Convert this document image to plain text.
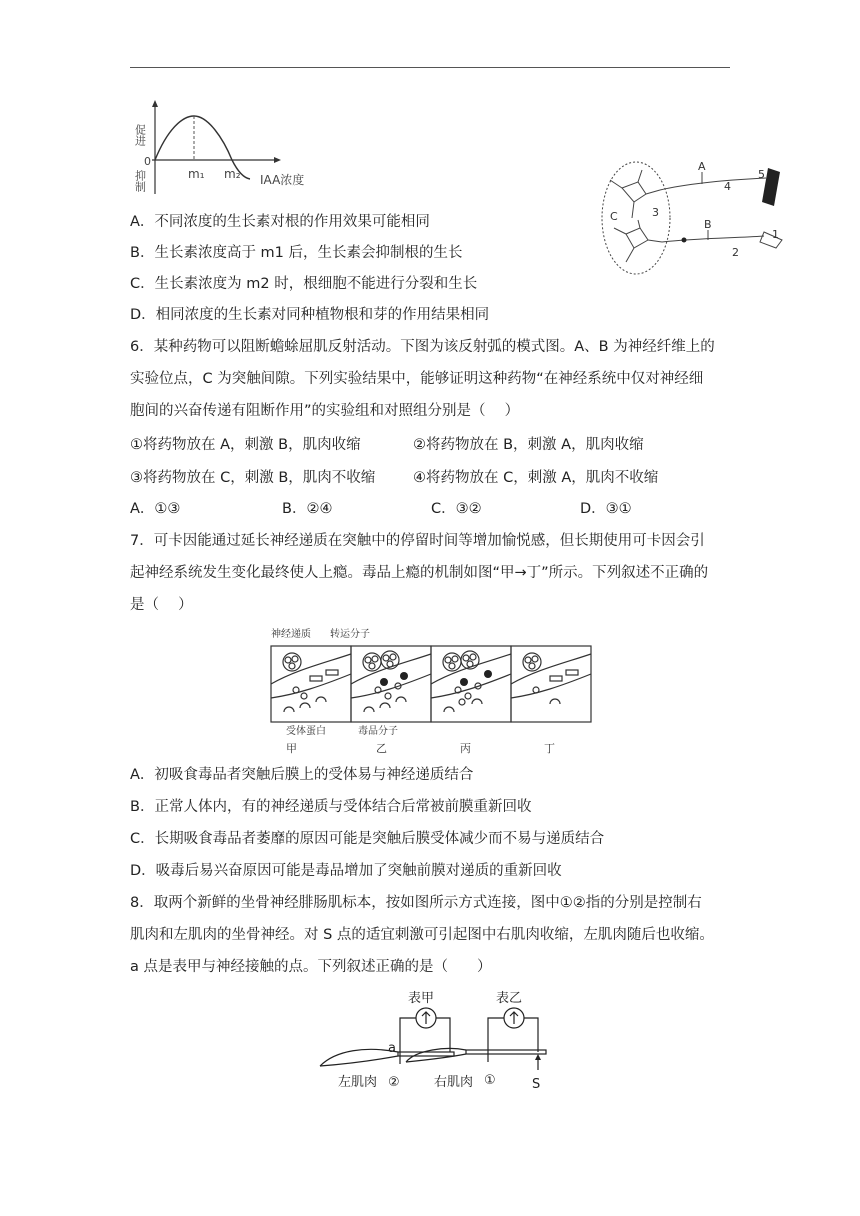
促进
0
抑制	m₁ m₂ IAA浓度
A
B
C	3
4
5
2
1
A．不同浓度的生长素对根的作用效果可能相同
B．生长素浓度高于 m1 后，生长素会抑制根的生长
C．生长素浓度为 m2 时，根细胞不能进行分裂和生长
D．相同浓度的生长素对同种植物根和芽的作用结果相同
6．某种药物可以阻断蟾蜍屈肌反射活动。下图为该反射弧的模式图。A、B 为神经纤维上的
实验位点，C 为突触间隙。下列实验结果中，能够证明这种药物“在神经系统中仅对神经细
胞间的兴奋传递有阻断作用”的实验组和对照组分别是（　 ）
①将药物放在 A，刺激 B，肌肉收缩	②将药物放在 B，刺激 A，肌肉收缩
③将药物放在 C，刺激 B，肌肉不收缩	④将药物放在 C，刺激 A，肌肉不收缩
A．①③	B．②④	C．③②	D．③①
7．可卡因能通过延长神经递质在突触中的停留时间等增加愉悦感，但长期使用可卡因会引
起神经系统发生变化最终使人上瘾。毒品上瘾的机制如图“甲→丁”所示。下列叙述不正确的
是（　 ）
神经递质 转运分子
受体蛋白	毒品分子
甲	乙	丙	丁
A．初吸食毒品者突触后膜上的受体易与神经递质结合
B．正常人体内，有的神经递质与受体结合后常被前膜重新回收
C．长期吸食毒品者萎靡的原因可能是突触后膜受体减少而不易与递质结合
D．吸毒后易兴奋原因可能是毒品增加了突触前膜对递质的重新回收
8．取两个新鲜的坐骨神经腓肠肌标本，按如图所示方式连接，图中①②指的分别是控制右
肌肉和左肌肉的坐骨神经。对 S 点的适宜刺激可引起图中右肌肉收缩，左肌肉随后也收缩。
a 点是表甲与神经接触的点。下列叙述正确的是（　　）
表甲	表乙
a
左肌肉 ②	右肌肉 ①	S
